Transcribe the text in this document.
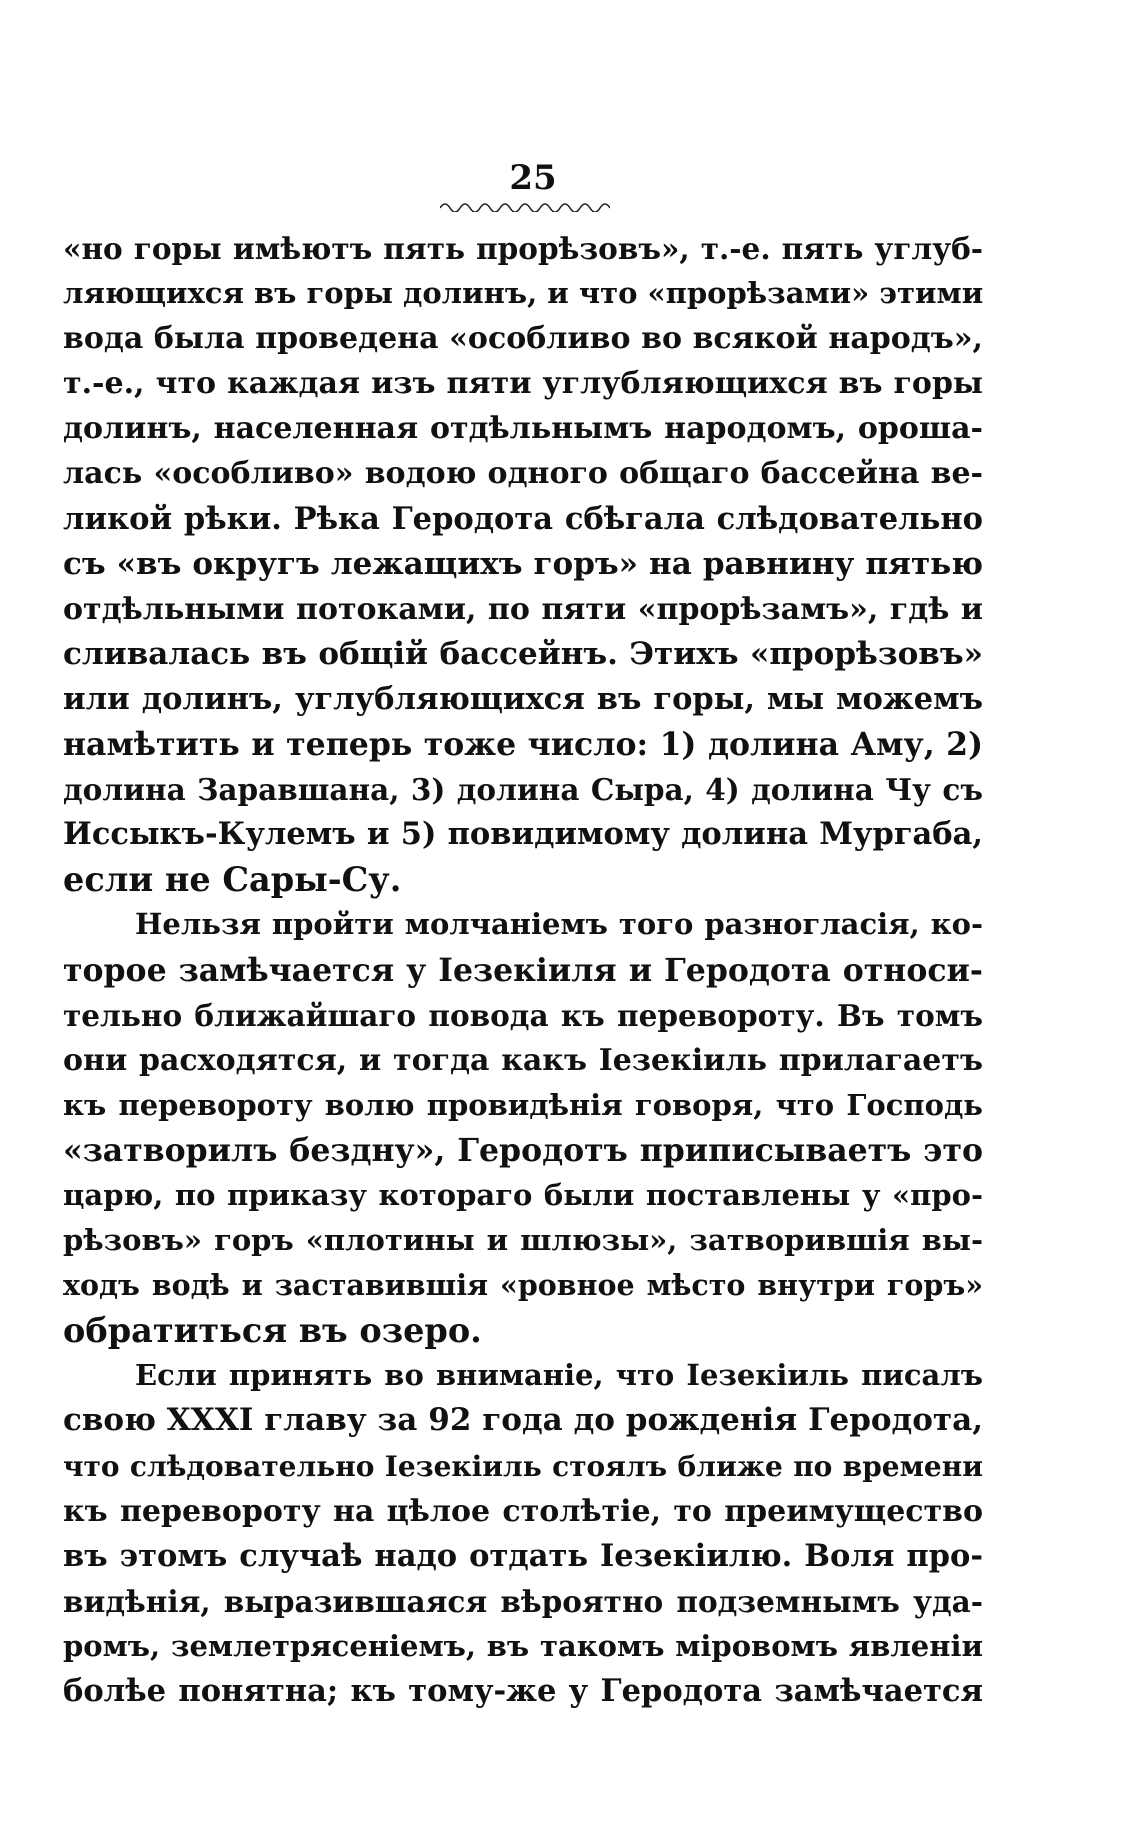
25
«но горы имѣютъ пять прорѣзовъ», т.-е. пять углуб-
ляющихся въ горы долинъ, и что «прорѣзами» этими
вода была проведена «особливо во всякой народъ»,
т.-е., что каждая изъ пяти углубляющихся въ горы
долинъ, населенная отдѣльнымъ народомъ, ороша-
лась «особливо» водою одного общаго бассейна ве-
ликой рѣки. Рѣка Геродота сбѣгала слѣдовательно
съ «въ округъ лежащихъ горъ» на равнину пятью
отдѣльными потоками, по пяти «прорѣзамъ», гдѣ и
сливалась въ общій бассейнъ. Этихъ «прорѣзовъ»
или долинъ, углубляющихся въ горы, мы можемъ
намѣтить и теперь тоже число: 1) долина Аму, 2)
долина Заравшана, 3) долина Сыра, 4) долина Чу съ
Иссыкъ-Кулемъ и 5) повидимому долина Мургаба,
если не Сары-Су.
Нельзя пройти молчаніемъ того разногласія, ко-
торое замѣчается у Іезекіиля и Геродота относи-
тельно ближайшаго повода къ перевороту. Въ томъ
они расходятся, и тогда какъ Іезекіиль прилагаетъ
къ перевороту волю провидѣнія говоря, что Господь
«затворилъ бездну», Геродотъ приписываетъ это
царю, по приказу котораго были поставлены у «про-
рѣзовъ» горъ «плотины и шлюзы», затворившія вы-
ходъ водѣ и заставившія «ровное мѣсто внутри горъ»
обратиться въ озеро.
Если принять во вниманіе, что Іезекіиль писалъ
свою XXXI главу за 92 года до рожденія Геродота,
что слѣдовательно Іезекіиль стоялъ ближе по времени
къ перевороту на цѣлое столѣтіе, то преимущество
въ этомъ случаѣ надо отдать Іезекіилю. Воля про-
видѣнія, выразившаяся вѣроятно подземнымъ уда-
ромъ, землетрясеніемъ, въ такомъ міровомъ явленіи
болѣе понятна; къ тому-же у Геродота замѣчается
